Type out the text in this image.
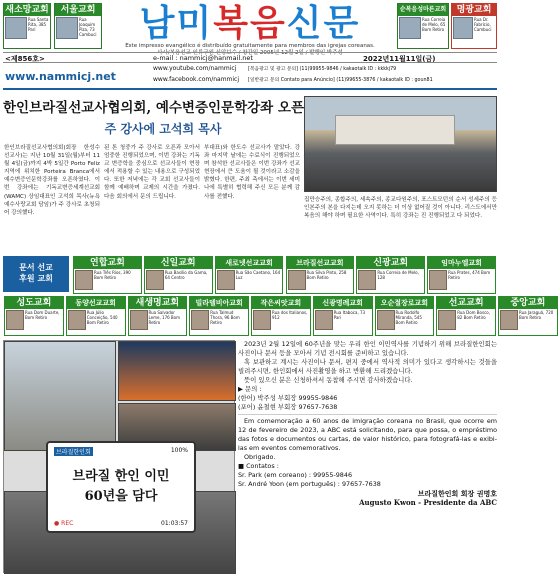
새소망교회
Rua Santa Rita, 385 Pari
서울교회
Rua Joaquim Piza, 73 Cambuci
순복음성마른교회
Rua Correia de Melo, 65 Bom Retiro
명광교회
Rua Dr. Fabrício, Cambuci
남미복음신문
Este impresso evangélico é distribuído gratuitamente para membros das igrejas coreanas.
사사/복음선교 인류구원 신앙보수 / 창간일 2005년 12월 2일 / 발행인 박주성
<제856호>	e-mail : nammicj@hanmail.net	2022년11월11일(금)
www.nammicj.net
www.youtube.com/nammicj
www.facebook.com/nammicj
[복음광고 및 광고 문의] (11)99955-9846 / kakaotalk ID : kkkkj79
[일반광고 문의 Contato para Anúncio] (11)99655-3876 / kakaotalk ID : goun81
한인브라질선교사협의회, 예수변증인문학강좌 오픈
주 강사에 고석희 목사
한인브라질선교사협의회(회장 한성수 선교사)는 지난 10월 31일(월)부터 11월 4일(금)까지 4박 5일간 Porto Feliz 지역에 위치한 Porteira Branca에서 예수변증인문학강좌를 오픈하였다. 이번 강좌에는 기독교변증세계선교회(WAMC) 상임대표인 고석희 목사(뉴욕 예수사랑교회 담임)가 주 강사로 초청되어 강의했다.
된 톤 청중가 주 강사로 오픈과 모아서 엄중한 진행되었으며, 이번 강좌는 기독교 변증학을 중심으로 선교사들이 현장에서 적용할 수 있는 내용으로 구성되었다. 또한 저녁에는 각 교회 선교사들이 함께 예배하며 교제의 시간을 가졌다. 다음 회의에서 문의 드립니다.
부대표)와 한도수 선교사가 맡았다. 강좌 마지막 날에는 수료식이 진행되었으며 참석한 선교사들은 이번 강좌가 선교 현장에서 큰 도움이 될 것이라고 소감을 밝혔다. 한편, 주최 측에서는 이번 세미나에 특별히 협력해 주신 모든 분께 감사를 전했다.
집만승주의, 종합주의, 세속주의, 종교다원주의, 포스트모던의 순서 성세주의 등 인본주의 본을 다지는데 오지 못하는 더 이상 없어질 것이 아니다. 리스도에서만 복음의 해야 하며 필요한 사역이다. 특히 강좌는 진 진행되었고 다 되었다.
문서 선교
후원 교회
연합교회
Rua Três Rios, 390 Bom Retiro
신일교회
Rua Basílio da Gama, 64 Centro
새로넷선교교회
Rua São Caetano, 164 Luz
브라질선교교회
Rua Silva Pinto, 258 Bom Retiro
신광교회
Rua Correia de Melo, 128
임마누엘교회
Rua Prates, 474 Bom Retiro
성도교회
Rua Dom Duarte, Bom Retiro
동양선교교회
Rua Júlio Conceição, 540 Bom Retiro
새생명교회
Rua Salvador Leme, 176 Bom Retiro
빌라델비아교회
Rua Talmud Thora, 96 Bom Retiro
작은씨앗교회
Rua dos Italianos, 912
신광명례교회
Rua Itaboca, 73 Pari
오순절장로교회
Rua Rodolfo Miranda, 545 Bom Retiro
선교교회
Rua Dom Bosco, 82 Bom Retiro
중앙교회
Rua Jaraguá, 720 Bom Retiro
브라질한인회	100%
브라질 한인 이민
60년을 담다
● REC	01:03:57

2023년 2월 12일에 60주년을 맞는 우리 한인 이민역사를 기념하기 위해 브라질한인회는 사진이나 문서 등을 모아서 기념 전시회를 준비하고 있습니다.

혹 보관하고 계시는 사진이나 문서, 편지 중에서 역사적 의미가 있다고 생각하시는 것들을 빌려주시면, 한인회에서 사진촬영을 하고 반환해 드리겠습니다.

뜻이 있으신 분은 신청하셔서 동참해 주시면 감사하겠습니다.

▶ 문의 :

(한어) 박주성 부회장 99955-9846

(포어) 윤철현 부회장 97657-7638

Em comemoração a 60 anos de imigração coreana no Brasil, que ocorre em 12 de fevereiro de 2023, a ABC está solicitando, para que possa, o empréstimo das fotos e documentos ou cartas, de valor histórico, para fotografá-las e exibi-las em eventos comemorativos.

Obrigado.

■ Contatos :

Sr. Park (em coreano) : 99955-9846

Sr. André Yoon (em português) : 97657-7638

브라질한인회 회장 권명호

Augusto Kwon - Presidente da ABC
